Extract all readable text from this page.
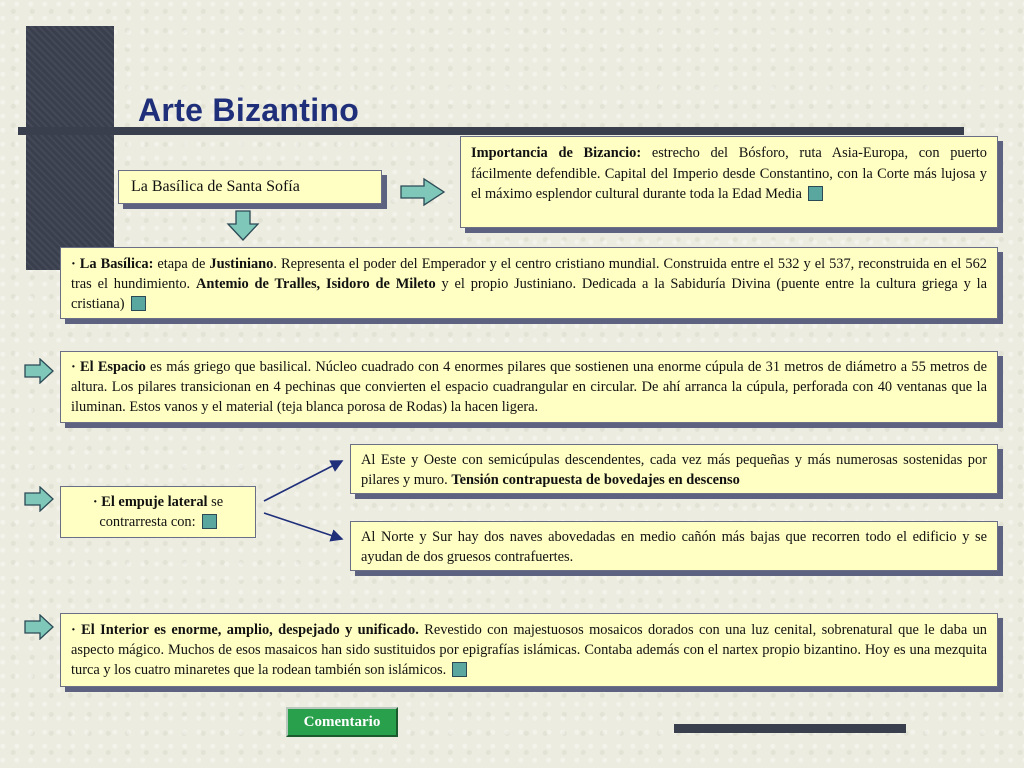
Arte Bizantino
La Basílica de Santa Sofía
Importancia de Bizancio: estrecho del Bósforo, ruta Asia-Europa, con puerto fácilmente defendible. Capital del Imperio desde Constantino, con la Corte más lujosa y el máximo esplendor cultural durante toda la Edad Media
· La Basílica: etapa de Justiniano. Representa el poder del Emperador y el centro cristiano mundial. Construida entre el 532 y el 537, reconstruida en el 562 tras el hundimiento. Antemio de Tralles, Isidoro de Mileto y el propio Justiniano. Dedicada a la Sabiduría Divina (puente entre la cultura griega y la cristiana)
· El Espacio es más griego que basilical. Núcleo cuadrado con 4 enormes pilares que sostienen una enorme cúpula de 31 metros de diámetro a 55 metros de altura. Los pilares transicionan en 4 pechinas que convierten el espacio cuadrangular en circular. De ahí arranca la cúpula, perforada con 40 ventanas que la iluminan. Estos vanos y el material (teja blanca porosa de Rodas) la hacen ligera.
· El empuje lateral se contrarresta con:
Al Este y Oeste con semicúpulas descendentes, cada vez más pequeñas y más numerosas sostenidas por pilares y muro. Tensión contrapuesta de bovedajes en descenso
Al Norte y Sur hay dos naves abovedadas en medio cañón más bajas que recorren todo el edificio y se ayudan de dos gruesos contrafuertes.
· El Interior es enorme, amplio, despejado y unificado. Revestido con majestuosos mosaicos dorados con una luz cenital, sobrenatural que le daba un aspecto mágico. Muchos de esos masaicos han sido sustituidos por epigrafías islámicas. Contaba además con el nartex propio bizantino. Hoy es una mezquita turca y los cuatro minaretes que la rodean también son islámicos.
Comentario
